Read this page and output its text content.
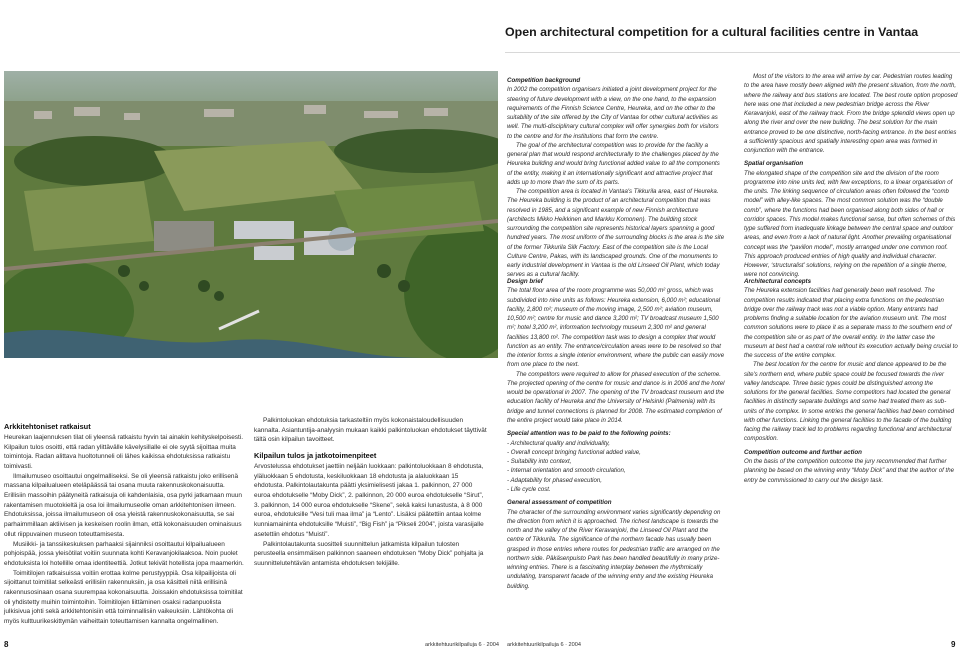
Open architectural competition for a cultural facilities centre in Vantaa
Arkkitehtoniset ratkaisut

Heurekan laajennuksen tilat oli yleensä ratkaistu hyvin tai ainakin kehityskelpoisesti. Kilpailun tulos osoitti, että radan ylittävälle kävelysillalle ei ole syytä sijoittaa muita toimintoja. Radan alittava huoltotunneli oli lähes kaikissa ehdotuksissa ratkaistu toimivasti.

Ilmailumuseo osoittautui ongelmalliseksi. Se oli yleensä ratkaistu joko erillisenä massana kilpailualueen eteläpäässä tai osana muuta rakennuskokonaisuutta. Erillisiin massoihin päätyneitä ratkaisuja oli kahdenlaisia, osa pyrki jatkamaan muun rakentamisen muotokieltä ja osa loi ilmailumuseolle oman arkkitehtonisen ilmeen. Ehdotuksissa, joissa ilmailumuseon oli osa yleistä rakennuskokonaisuutta, se sai parhaimmillaan aktiivisen ja keskeisen roolin ilman, että kokonaisuuden ominaisuus ollut riippuvainen museon toteuttamisesta.

Musiikki- ja tanssikeskuksen parhaaksi sijainniksi osoittautui kilpailualueen pohjoispää, jossa yleisötilat voitiin suunnata kohti Keravanjokilaaksoa. Noin puolet ehdotuksista loi hotellille omaa identiteettiä. Jotkut tekivät hotellista jopa maamerkin.

Toimitilojen ratkaisuissa voitiin erottaa kolme perustyyppiä. Osa kilpailijoista oli sijoittanut toimitilat selkeästi erillisiin rakennuksiin, ja osa käsitteli niitä erillisinä rakennusosinaan osana suurempaa kokonaisuutta. Joissakin ehdotuksissa toimitilat oli yhdistetty muihin toimintoihin. Toimitilojen liittäminen osaksi radanpuolista julkisivua johti sekä arkkitehtonisiin että toiminnallisiin vaikeuksiin. Lähtökohta oli myös kulttuurikeskittymän vaiheittain toteuttamisen kannalta ongelmallinen.

Palkintoluokan ehdotuksia tarkasteltiin myös kokonaistaloudellisuuden kannalta. Asiantuntija-analyysin mukaan kaikki palkintoluokan ehdotukset täyttivät tältä osin kilpailun tavoitteet.

Kilpailun tulos ja jatkotoimenpiteet

Arvostelussa ehdotukset jaettiin neljään luokkaan: palkintoluokkaan 8 ehdotusta, yläluokkaan 5 ehdotusta, keskiluokkaan 18 ehdotusta ja alaluokkaan 15 ehdotusta. Palkintolautakunta päätti yksimielisesti jakaa 1. palkinnon, 27 000 euroa ehdotukselle “Moby Dick”, 2. palkinnon, 20 000 euroa ehdotukselle “Sirut”, 3. palkinnon, 14 000 euroa ehdotukselle “Skene”, sekä kaksi lunastusta, à 8 000 euroa, ehdotuksille “Vesi tuli maa ilma” ja “Lento”. Lisäksi päätettiin antaa kolme kunniamaininta ehdotuksille “Muisti”, “Big Fish” ja “Pikseli 2004”, joista varasijalle asetettiin ehdotus “Muisti”.

Palkintolautakunta suositteli suunnittelun jatkamista kilpailun tulosten perusteella ensimmäisen palkinnon saaneen ehdotuksen “Moby Dick” pohjalta ja suunnittelutehtävän antamista ehdotuksen tekijälle.

Competition background

In 2002 the competition organisers initiated a joint development project for the steering of future development with a view, on the one hand, to the expansion requirements of the Finnish Science Centre, Heureka, and on the other to the suitability of the site offered by the City of Vantaa for other cultural activities as well. The multi-disciplinary cultural complex will offer synergies both for visitors to the centre and for the institutions that form the centre.

The goal of the architectural competition was to provide for the facility a general plan that would respond architecturally to the challenges placed by the Heureka building and would bring functional added value to all the components of the entity, making it an internationally significant and attractive project that adds up to more than the sum of its parts.

The competition area is located in Vantaa's Tikkurila area, east of Heureka. The Heureka building is the product of an architectural competition that was resolved in 1985, and a significant example of new Finnish architecture (architects Mikko Heikkinen and Markku Komonen). The building stock surrounding the competition site represents historical layers spanning a good hundred years. The most uniform of the surrounding blocks is the area is the site of the former Tikkurila Silk Factory. East of the competition site is the Local Culture Centre, Pakas, with its landscaped grounds. One of the monuments to early industrial development in Vantaa is the old Linseed Oil Plant, which today serves as a cultural facility.

Most of the visitors to the area will arrive by car. Pedestrian routes leading to the area have mostly been aligned with the present situation, from the north, where the railway and bus stations are located. The best route option proposed here was one that included a new pedestrian bridge across the River Keravanjoki, east of the railway track. From the bridge splendid views open up along the river and over the new building. The best solution for the main entrance proved to be one distinctive, north-facing entrance. In the best entries a sufficiently spacious and spatially interesting open area was formed in conjunction with the entrance.

Spatial organisation

The elongated shape of the competition site and the division of the room programme into nine units led, with few exceptions, to a linear organisation of the units. The linking sequence of circulation areas often followed the “comb model” with alley-like spaces. The most common solution was the “double comb”, where the functions had been organised along both sides of hall or corridor spaces. This model makes functional sense, but often schemes of this type suffered from inadequate linkage between the central space and outdoor areas, and even from a lack of natural light. Another prevailing organisational concept was the “pavilion model”, mostly arranged under one common roof. This approach produced entries of high quality and individual character. However, ‘structuralist’ solutions, relying on the repetition of a single theme, were not convincing.

Design brief

The total floor area of the room programme was 50,000 m² gross, which was subdivided into nine units as follows: Heureka extension, 6,000 m²; educational facility, 2,800 m²; museum of the moving image, 2,500 m²; aviation museum, 10,500 m²; centre for music and dance 3,200 m²; TV broadcast museum 1,500 m²; hotel 3,200 m², information technology museum 2,300 m² and general facilities 13,800 m². The competition task was to design a complex that would function as an entity. The entrance/circulation areas were to be resolved so that the interior forms a single interior environment, where the public can easily move from one place to the next.

The competitors were required to allow for phased execution of the scheme. The projected opening of the centre for music and dance is in 2006 and the hotel would be operational in 2007. The opening of the TV broadcast museum and the education facility of Heureka and the University of Helsinki (Palmenia) with its bridge and tunnel connections is planned for 2008. The estimated completion of the entire project would take place in 2014.

Special attention was to be paid to the following points:
- Architectural quality and individuality,
- Overall concept bringing functional added value,
- Suitability into context,
- Internal orientation and smooth circulation,
- Adaptability for phased execution,
- Life cycle cost.
General assessment of competition

The character of the surrounding environment varies significantly depending on the direction from which it is approached. The richest landscape is towards the north and the valley of the River Keravanjoki, the Linseed Oil Plant and the centre of Tikkurila. The significance of the northern facade has usually been grasped in those entries where routes for pedestrian traffic are arranged on the northern side. Päkäsenpuisto Park has been handled beautifully in many prize-winning entries. There is a fascinating interplay between the rhythmically undulating, transparent facade of the winning entry and the existing Heureka building.

Architectural concepts

The Heureka extension facilities had generally been well resolved. The competition results indicated that placing extra functions on the pedestrian bridge over the railway track was not a viable option. Many entrants had problems finding a suitable location for the aviation museum unit. The most common solutions were to place it as a separate mass to the southern end of the competition site or as part of the overall entity. In the latter case the museum at best had a central role without its execution actually being crucial to the success of the entire complex.

The best location for the centre for music and dance appeared to be the site's northern end, where public space could be focused towards the river valley landscape. Three basic types could be distinguished among the solutions for the general facilities. Some competitors had located the general facilities in distinctly separate buildings and some had treated them as sub-units of the complex. In some entries the general facilities had been combined with other functions. Linking the general facilities to the facade of the building facing the railway track led to problems regarding functional and architectural composition.

Competition outcome and further action

On the basis of the competition outcome the jury recommended that further planning be based on the winning entry “Moby Dick” and that the author of the entry be commissioned to carry out the design task.

8	arkkitehtuurikilpailuja 6 · 2004 arkkitehtuurikilpailuja 6 · 2004	9
